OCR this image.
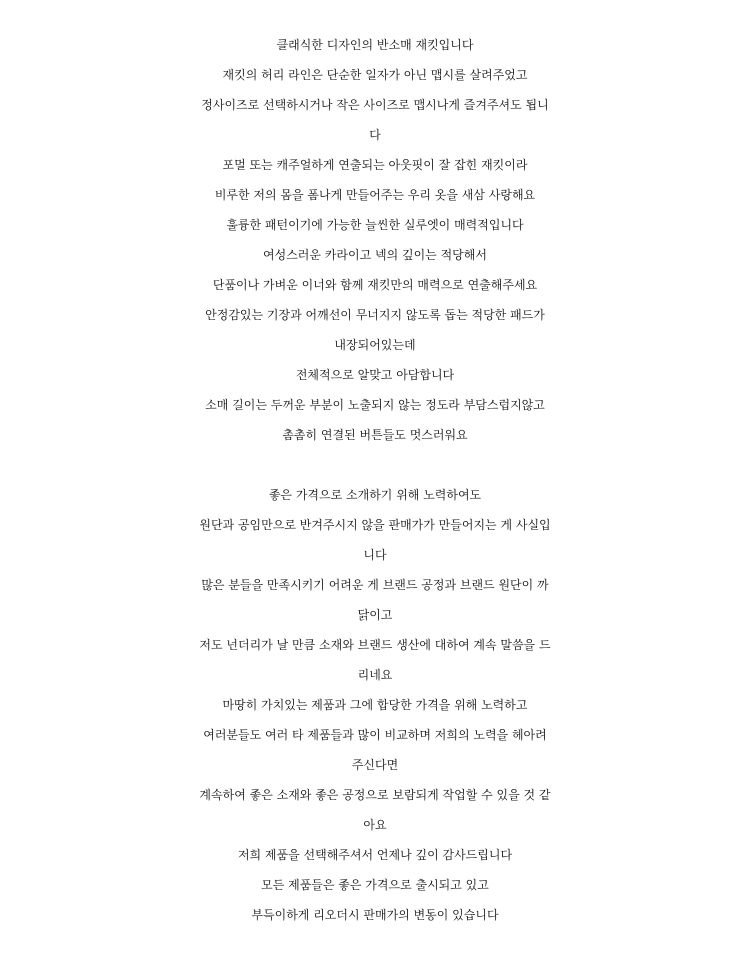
클래식한 디자인의 반소매 재킷입니다
재킷의 허리 라인은 단순한 일자가 아닌 맵시를 살려주었고
정사이즈로 선택하시거나 작은 사이즈로 맵시나게 즐겨주셔도 됩니
다
포멀 또는 캐주얼하게 연출되는 아웃핏이 잘 잡힌 재킷이라
비루한 저의 몸을 폼나게 만들어주는 우리 옷을 새삼 사랑해요
훌륭한 패턴이기에 가능한 늘씬한 실루엣이 매력적입니다
여성스러운 카라이고 넥의 깊이는 적당해서
단품이나 가벼운 이너와 함께 재킷만의 매력으로 연출해주세요
안정감있는 기장과 어깨선이 무너지지 않도록 돕는 적당한 패드가
내장되어있는데
전체적으로 알맞고 아담합니다
소매 길이는 두꺼운 부분이 노출되지 않는 정도라 부담스럽지않고
촘촘히 연결된 버튼들도 멋스러워요
좋은 가격으로 소개하기 위해 노력하여도
원단과 공임만으로 반겨주시지 않을 판매가가 만들어지는 게 사실입
니다
많은 분들을 만족시키기 어려운 게 브랜드 공정과 브랜드 원단이 까
닭이고
저도 넌더리가 날 만큼 소재와 브랜드 생산에 대하여 계속 말씀을 드
리네요
마땅히 가치있는 제품과 그에 합당한 가격을 위해 노력하고
여러분들도 여러 타 제품들과 많이 비교하며 저희의 노력을 헤아려
주신다면
계속하여 좋은 소재와 좋은 공정으로 보람되게 작업할 수 있을 것 같
아요
저희 제품을 선택해주셔서 언제나 깊이 감사드립니다
모든 제품들은 좋은 가격으로 출시되고 있고
부득이하게 리오더시 판매가의 변동이 있습니다
